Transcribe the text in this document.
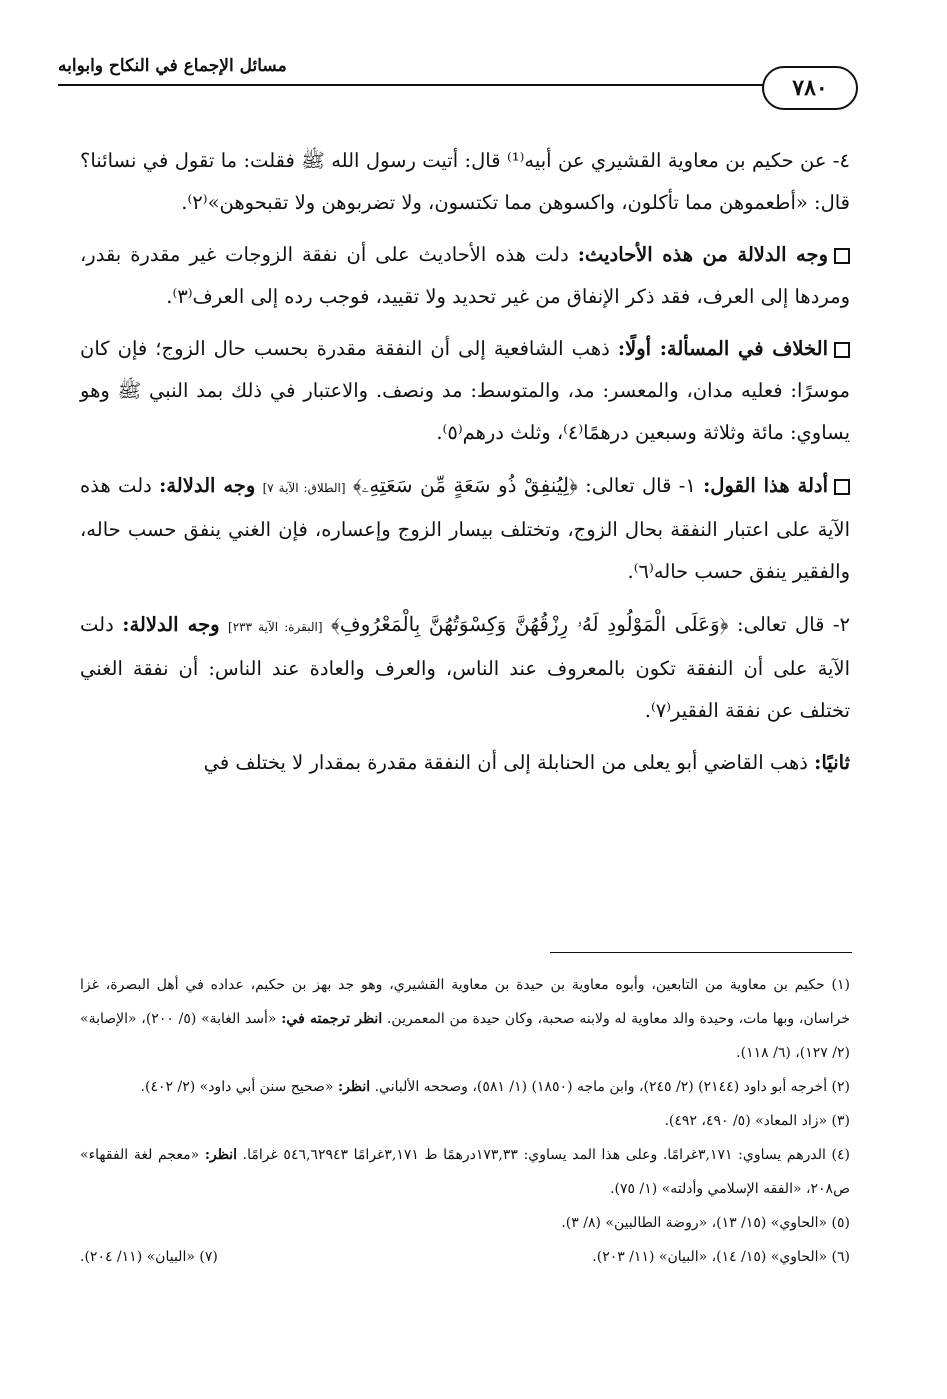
مسائل الإجماع في النكاح وابوابه
٧٨٠

٤- عن حكيم بن معاوية القشيري عن أبيه⁽¹⁾ قال: أتيت رسول الله ﷺ فقلت: ما تقول في نسائنا؟ قال: «أطعموهن مما تأكلون، واكسوهن مما تكتسون، ولا تضربوهن ولا تقبحوهن»⁽٢⁾.

وجه الدلالة من هذه الأحاديث: دلت هذه الأحاديث على أن نفقة الزوجات غير مقدرة بقدر، ومردها إلى العرف، فقد ذكر الإنفاق من غير تحديد ولا تقييد، فوجب رده إلى العرف⁽٣⁾.

الخلاف في المسألة: أولًا: ذهب الشافعية إلى أن النفقة مقدرة بحسب حال الزوج؛ فإن كان موسرًا: فعليه مدان، والمعسر: مد، والمتوسط: مد ونصف. والاعتبار في ذلك بمد النبي ﷺ وهو يساوي: مائة وثلاثة وسبعين درهمًا⁽٤⁾، وثلث درهم⁽٥⁾.

أدلة هذا القول: ١- قال تعالى: ﴿لِيُنفِقْ ذُو سَعَةٍ مِّن سَعَتِهِۦ﴾ [الطلاق: الآية ٧] وجه الدلالة: دلت هذه الآية على اعتبار النفقة بحال الزوج، وتختلف بيسار الزوج وإعساره، فإن الغني ينفق حسب حاله، والفقير ينفق حسب حاله⁽٦⁾.

٢- قال تعالى: ﴿وَعَلَى الْمَوْلُودِ لَهُۥ رِزْقُهُنَّ وَكِسْوَتُهُنَّ بِالْمَعْرُوفِ﴾ [البقرة: الآية ٢٣٣] وجه الدلالة: دلت الآية على أن النفقة تكون بالمعروف عند الناس، والعرف والعادة عند الناس: أن نفقة الغني تختلف عن نفقة الفقير⁽٧⁾.

ثانيًا: ذهب القاضي أبو يعلى من الحنابلة إلى أن النفقة مقدرة بمقدار لا يختلف في

(١) حكيم بن معاوية من التابعين، وأبوه معاوية بن حيدة بن معاوية القشيري، وهو جد بهز بن حكيم، عداده في أهل البصرة، غزا خراسان، وبها مات، وحيدة والد معاوية له ولابنه صحبة، وكان حيدة من المعمرين. انظر ترجمته في: «أسد الغابة» (٥/ ٢٠٠)، «الإصابة» (٢/ ١٢٧)، (٦/ ١١٨).

(٢) أخرجه أبو داود (٢١٤٤) (٢/ ٢٤٥)، وابن ماجه (١٨٥٠) (١/ ٥٨١)، وصححه الألباني. انظر: «صحيح سنن أبي داود» (٢/ ٤٠٢).

(٣) «زاد المعاد» (٥/ ٤٩٠، ٤٩٢).

(٤) الدرهم يساوي: ٣,١٧١غرامًا. وعلى هذا المد يساوي: ١٧٣,٣٣درهمًا ط ٣,١٧١غرامًا ٥٤٦,٦٢٩٤٣ غرامًا. انظر: «معجم لغة الفقهاء» ص٢٠٨، «الفقه الإسلامي وأدلته» (١/ ٧٥).

(٥) «الحاوي» (١٥/ ١٣)، «روضة الطالبين» (٨/ ٣).

(٦) «الحاوي» (١٥/ ١٤)، «البيان» (١١/ ٢٠٣).
(٧) «البيان» (١١/ ٢٠٤).
